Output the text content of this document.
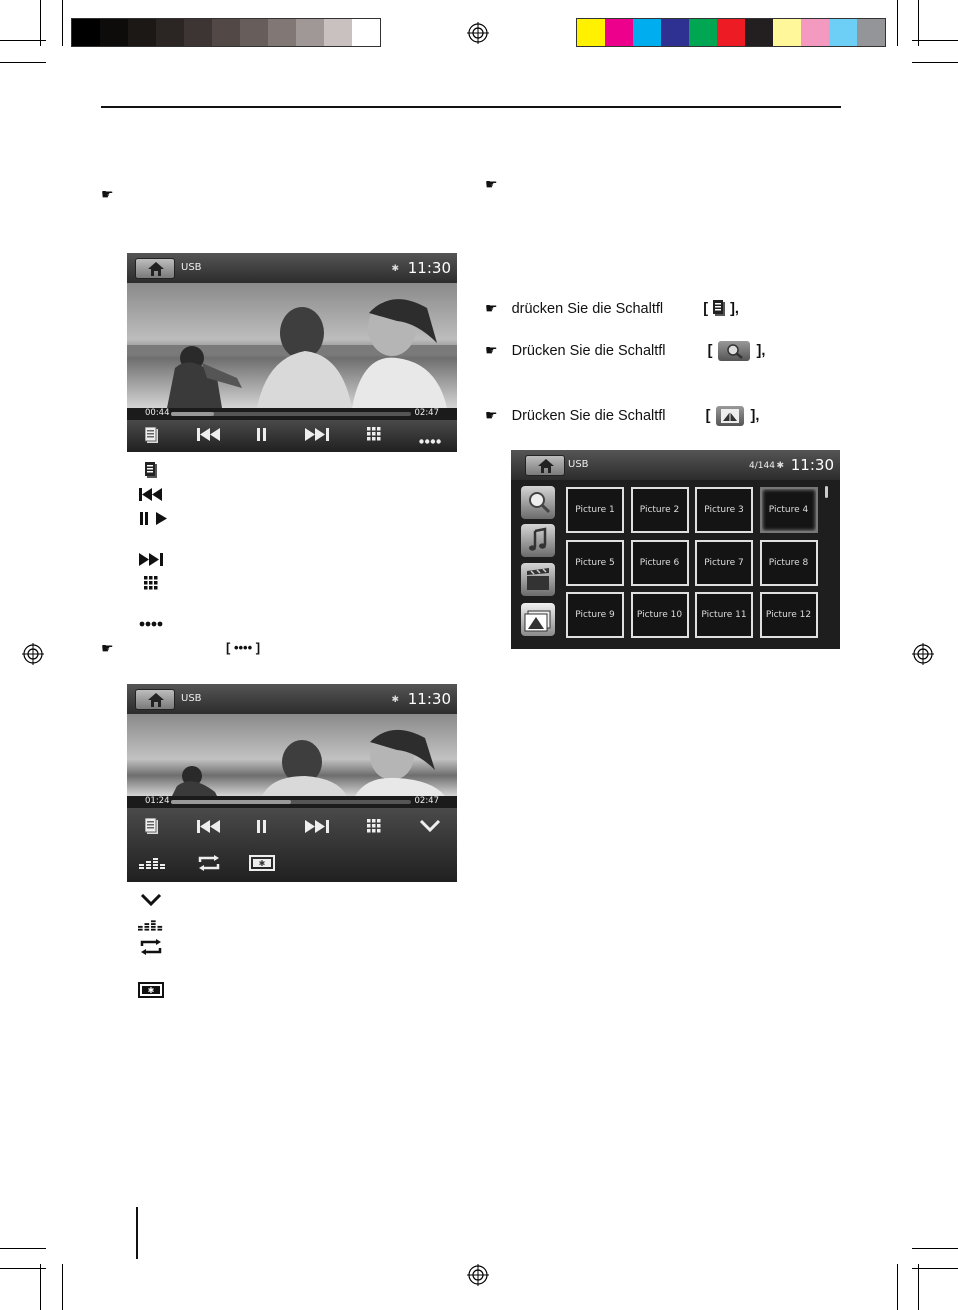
☛
USB	✱ 11:30
00:44	02:47
☛	[ •••• ]
USB	✱ 11:30
01:24	02:47
✱
✱
☛
☛ drücken Sie die Schaltfl	[ ],
☛ Drücken Sie die Schaltfl	[	],
☛ Drücken Sie die Schaltfl	[	],
USB	4/144 ✱ 11:30
Picture 1	Picture 2	Picture 3	Picture 4
Picture 5	Picture 6	Picture 7	Picture 8
Picture 9	Picture 10	Picture 11	Picture 12
